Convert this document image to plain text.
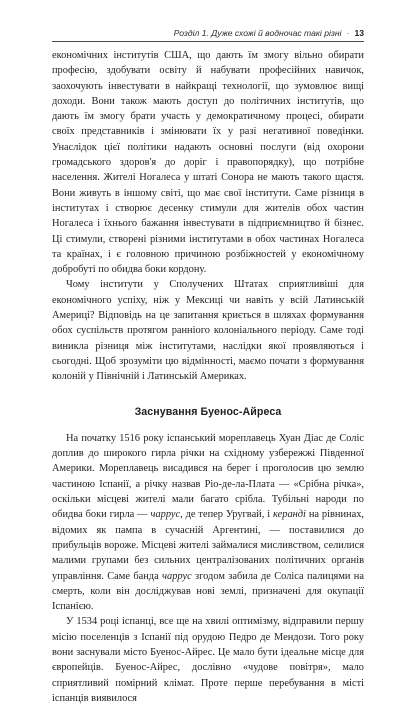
Розділ 1. Дуже схожі й водночас такі різні · 13

економічних інститутів США, що дають їм змогу вільно обирати професію, здобувати освіту й набувати професійних навичок, заохочують інвестувати в найкращі технології, що зумовлює вищі доходи. Вони також мають доступ до політичних інститутів, що дають їм змогу брати участь у демократичному процесі, обирати своїх представників і змінювати їх у разі негативної поведінки. Унаслідок цієї політики надають основні послуги (від охорони громадського здоров'я до доріг і правопорядку), що потрібне населення. Жителі Ногалеса у штаті Сонора не мають такого щастя. Вони живуть в іншому світі, що має свої інститути. Саме різниця в інститутах і створює десенку стимули для жителів обох частин Ногалеса і їхнього бажання інвестувати в підприємництво й бізнес. Ці стимули, створені різними інститутами в обох частинах Ногалеса та країнах, і є головною причиною розбіжностей у економічному добробуті по обидва боки кордону.

Чому інститути у Сполучених Штатах сприятливіші для економічного успіху, ніж у Мексиці чи навіть у всій Латинській Америці? Відповідь на це запитання криється в шляхах формування обох суспільств протягом ранніого колоніального періоду. Саме тоді виникла різниця між інститутами, наслідки якої проявляються і сьогодні. Щоб зрозуміти цю відмінності, маємо почати з формування колоній у Північній і Латинській Америках.

Заснування Буенос-Айреса

На початку 1516 року іспанський мореплавець Хуан Діас де Соліс доплив до широкого гирла річки на східному узбережжі Південної Америки. Мореплавець висадився на берег і проголосив цю землю частиною Іспанії, а річку назвав Ріо-де-ла-Плата — «Срібна річка», оскільки місцеві жителі мали багато срібла. Тубільні народи по обидва боки гирла — чаррус, де тепер Уругвай, і керанді на рівнинах, відомих як пампа в сучасній Аргентині, — поставилися до прибульців вороже. Місцеві жителі займалися мисливством, селилися малими групами без сильних централізованих політичних органів управління. Саме банда чаррус згодом забила де Соліса палицями на смерть, коли він досліджував нові землі, призначені для окупації Іспанією.

У 1534 році іспанці, все ще на хвилі оптимізму, відправили першу місію поселенців з Іспанії під орудою Педро де Мендози. Того року вони заснували місто Буенос-Айрес. Це мало бути ідеальне місце для європейців. Буенос-Айрес, дослівно «чудове повітря», мало сприятливий помірний клімат. Проте перше перебування в місті іспанців виявилося
